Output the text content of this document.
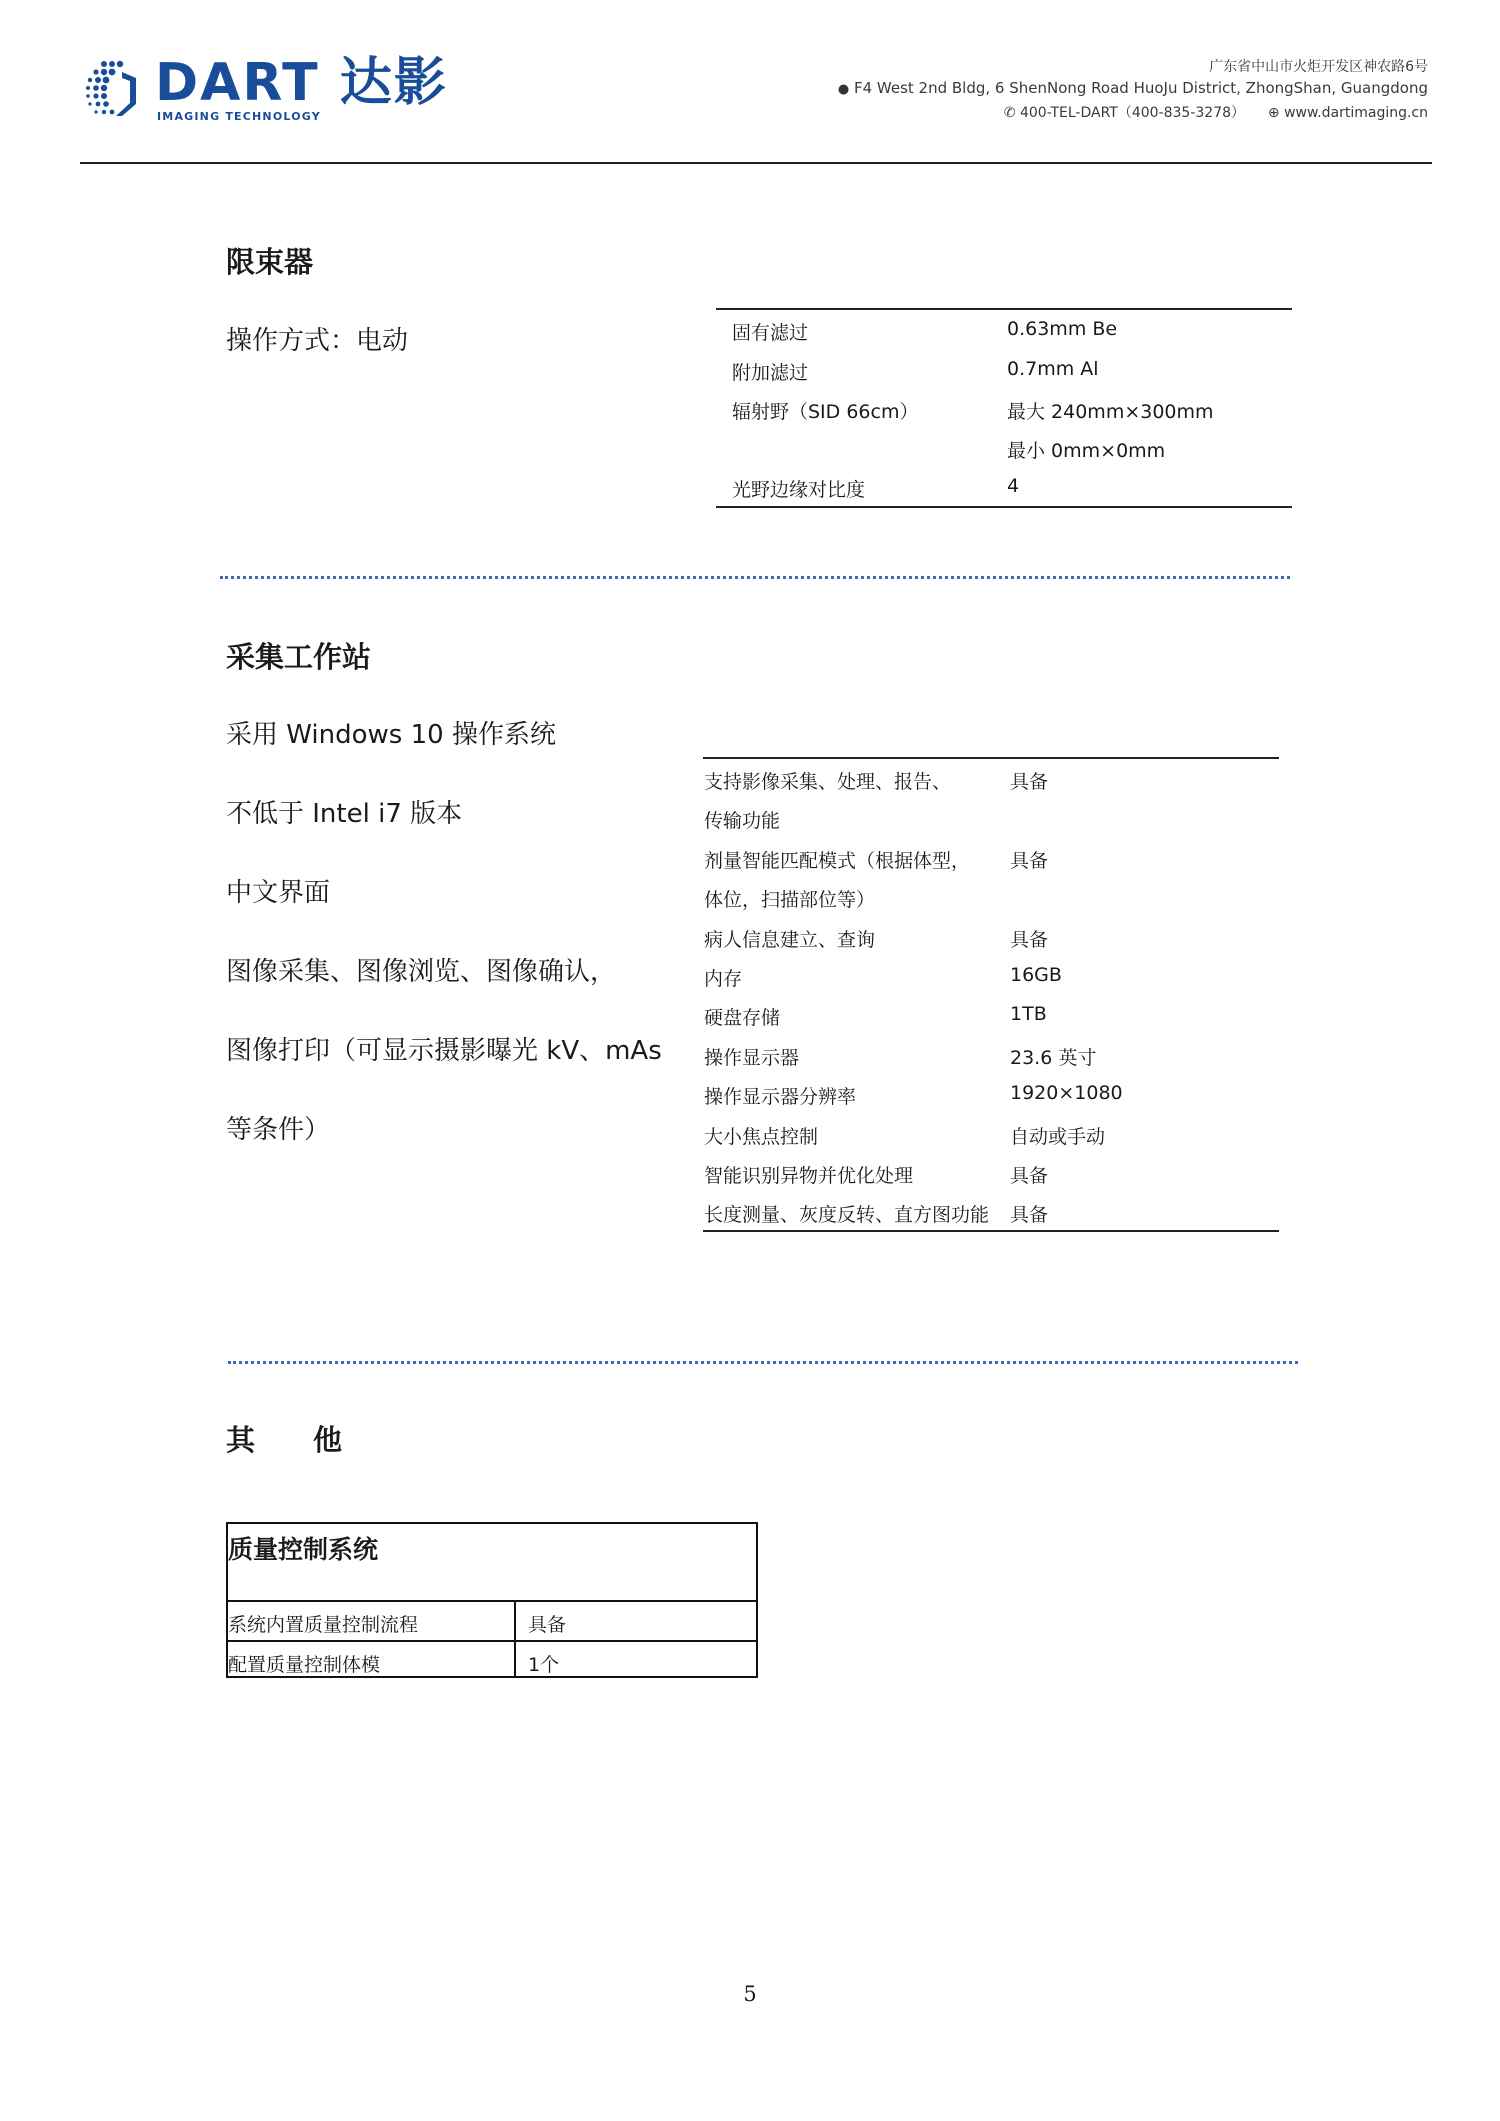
DART 达影
IMAGING TECHNOLOGY
广东省中山市火炬开发区神农路6号
● F4 West 2nd Bldg, 6 ShenNong Road HuoJu District, ZhongShan, Guangdong
✆ 400-TEL-DART（400-835-3278） ⊕ www.dartimaging.cn
限束器
操作方式：电动	固有滤过	0.63mm Be
附加滤过	0.7mm Al
辐射野（SID 66cm）	最大 240mm×300mm
最小 0mm×0mm
光野边缘对比度	4
采集工作站
采用 Windows 10 操作系统
不低于 Intel i7 版本
中文界面
图像采集、图像浏览、图像确认，
图像打印（可显示摄影曝光 kV、mAs
等条件）
支持影像采集、处理、报告、	具备
传输功能
剂量智能匹配模式（根据体型， 具备
体位，扫描部位等）
病人信息建立、查询	具备
内存	16GB
硬盘存储	1TB
操作显示器	23.6 英寸
操作显示器分辨率	1920×1080
大小焦点控制	自动或手动
智能识别异物并优化处理	具备
长度测量、灰度反转、直方图功能 具备
其　　他
质量控制系统
系统内置质量控制流程	具备
配置质量控制体模	1个
5
